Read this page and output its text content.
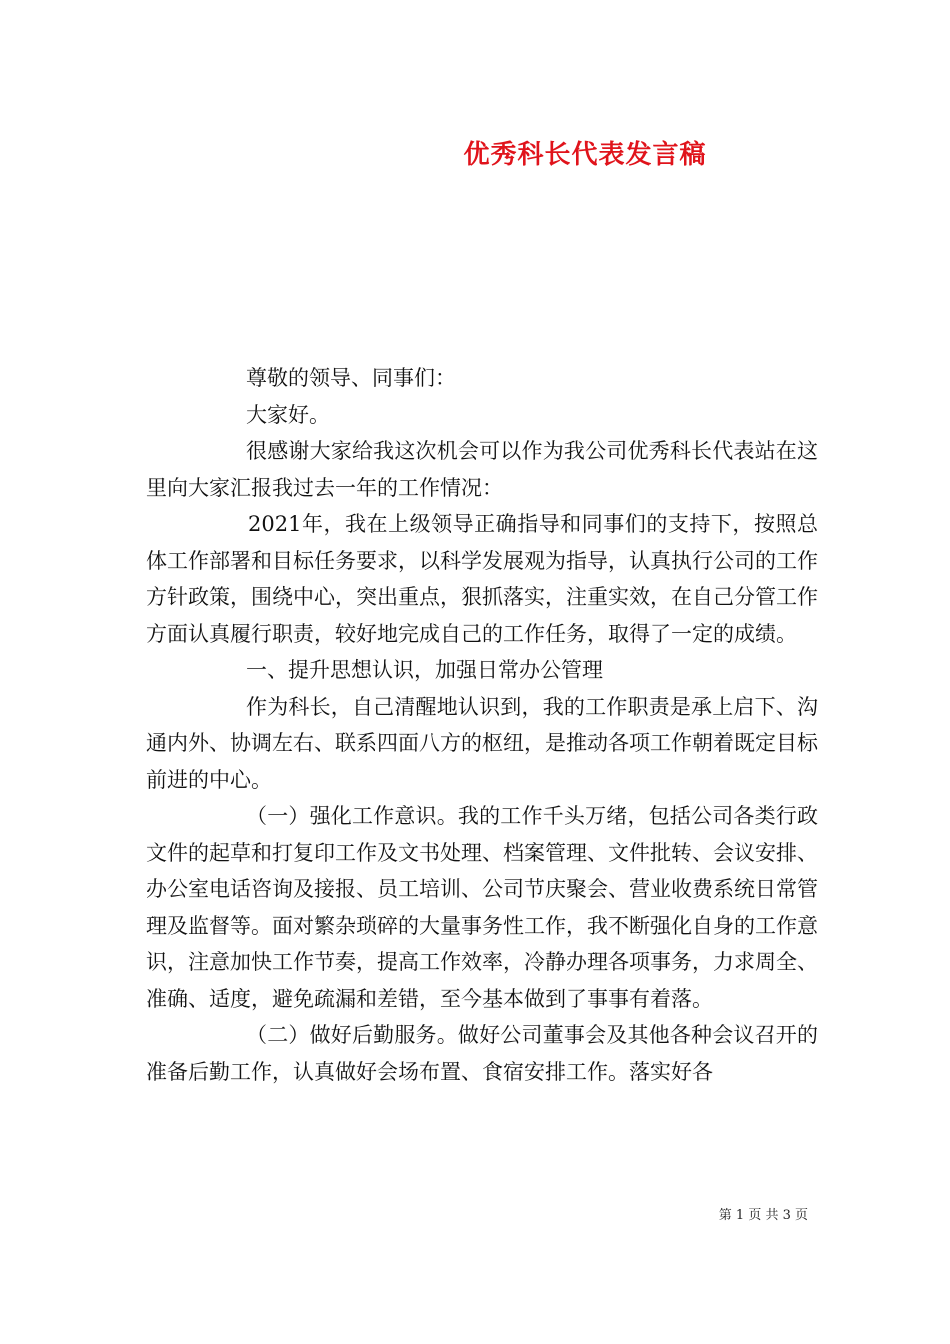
优秀科长代表发言稿

尊敬的领导、同事们：

大家好。

很感谢大家给我这次机会可以作为我公司优秀科长代表站在这里向大家汇报我过去一年的工作情况：

2021年，我在上级领导正确指导和同事们的支持下，按照总体工作部署和目标任务要求，以科学发展观为指导，认真执行公司的工作方针政策，围绕中心，突出重点，狠抓落实，注重实效，在自己分管工作方面认真履行职责，较好地完成自己的工作任务，取得了一定的成绩。

一、提升思想认识，加强日常办公管理

作为科长，自己清醒地认识到，我的工作职责是承上启下、沟通内外、协调左右、联系四面八方的枢纽，是推动各项工作朝着既定目标前进的中心。

（一）强化工作意识。我的工作千头万绪，包括公司各类行政文件的起草和打复印工作及文书处理、档案管理、文件批转、会议安排、办公室电话咨询及接报、员工培训、公司节庆聚会、营业收费系统日常管理及监督等。面对繁杂琐碎的大量事务性工作，我不断强化自身的工作意识，注意加快工作节奏，提高工作效率，冷静办理各项事务，力求周全、准确、适度，避免疏漏和差错，至今基本做到了事事有着落。

（二）做好后勤服务。做好公司董事会及其他各种会议召开的准备后勤工作，认真做好会场布置、食宿安排工作。落实好各

第 1 页 共 3 页
